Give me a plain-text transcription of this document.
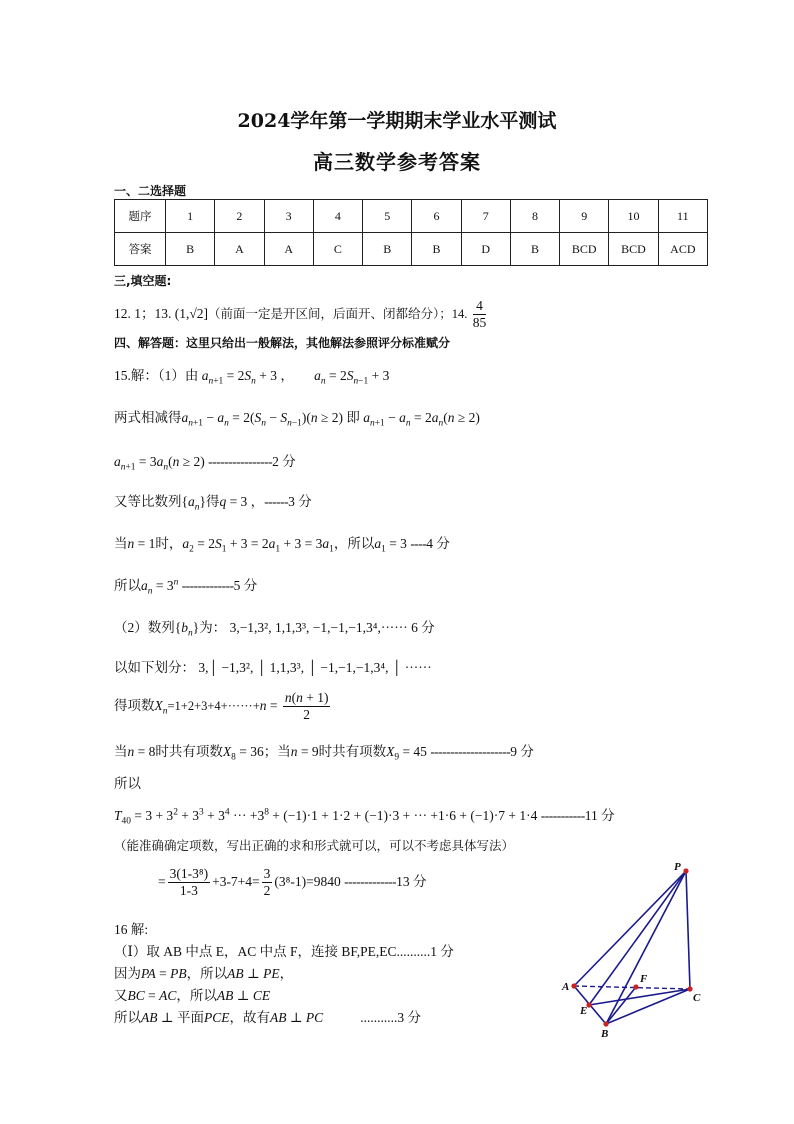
2024学年第一学期期末学业水平测试
高三数学参考答案
一、二选择题
题序	1	2	3	4	5	6	7	8	9	10	11
答案	B	A	A	C	B	B	D	B	BCD	BCD	ACD
三,填空题:
12. 1；13. (1,√2]（前面一定是开区间，后面开、闭都给分）；14. $\frac{4}{85}$
四、解答题：这里只给出一般解法，其他解法参照评分标准赋分
15.解：（1）由 $a_{n+1} = 2S_n + 3$ ，      $a_n = 2S_{n-1} + 3$
两式相减得$a_{n+1} - a_n = 2(S_n - S_{n-1})(n \ge 2)$ 即 $a_{n+1} - a_n = 2a_n(n \ge 2)$
$a_{n+1} = 3a_n(n \ge 2)$ ----------------2 分
又等比数列$\{a_n\}$得q = 3 ，------3 分
当n = 1时，$a_2 = 2S_1 + 3 = 2a_1 + 3 = 3a_1$，所以$a_1 = 3$ ----4 分
所以$a_n = 3^n$ -------------5 分
（2）数列$\{b_n\}$为： 3,−1,3², 1,1,3³, −1,−1,−1,3⁴,······ 6 分
以如下划分： 3,│ −1,3², │ 1,1,3³, │ −1,−1,−1,3⁴, │ ······
得项数$X_n=1+2+3+4+\cdot\cdot\cdot\cdot\cdot\cdot+n = \frac{n(n + 1)}{2}$
当n = 8时共有项数$X_8 = 36$；当n = 9时共有项数$X_9 = 45$ --------------------9 分
所以
$T_{40} = 3 + 3^2 + 3^3 + 3^4$ ··· $+3^8 + (-1)\cdot 1 + 1\cdot 2 + (-1)\cdot 3$ + ··· +1·6 + (−1)·7 + 1·4 -----------11 分
（能准确确定项数，写出正确的求和形式就可以，可以不考虑具体写法）
= $\frac{\text{3(1-3⁸)}}{1-3} +3-7+4= \frac{3}{2} (3^8-1)=9840$ -------------13 分
16 解:
（Ⅰ）取 AB 中点 E，AC 中点 F，连接 BF,PE,EC..........1 分
因为PA = PB，所以AB ⊥ PE，
又BC = AC，所以AB ⊥ CE
所以AB ⊥ 平面PCE，故有AB ⊥ PC	...........3 分
P
A
F
C
E
B
